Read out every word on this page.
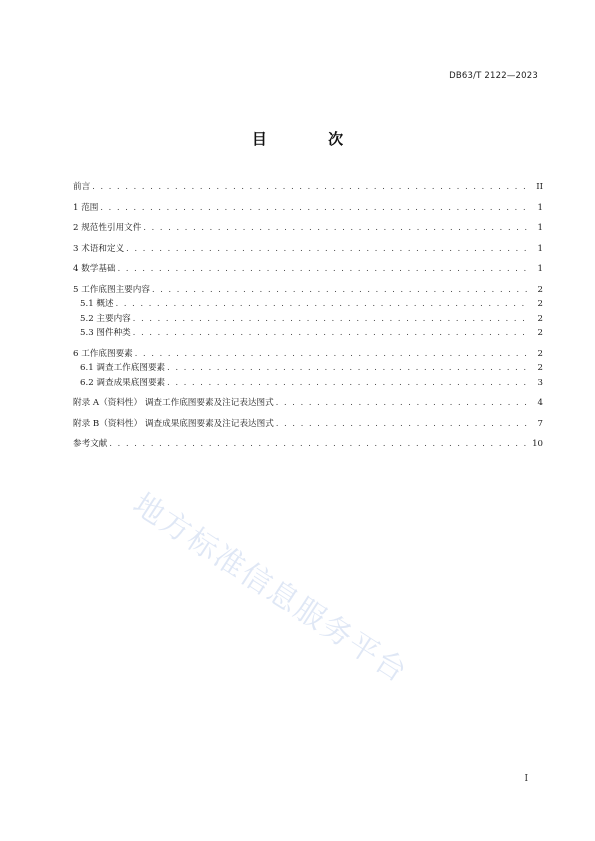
DB63/T 2122—2023
目 次
前言 . . .	II
1 范围 . . .	1
2 规范性引用文件 . . .	1
3 术语和定义 . . .	1
4 数学基础 . . .	1
5 工作底图主要内容 . . .	2
5.1 概述 . . .	2
5.2 主要内容 . . .	2
5.3 图件种类 . . .	2
6 工作底图要素 . . .	2
6.1 调查工作底图要素 . . .	2
6.2 调查成果底图要素 . . .	3
附录 A（资料性） 调查工作底图要素及注记表达图式 . . .	4
附录 B（资料性） 调查成果底图要素及注记表达图式 . . .	7
参考文献 . . .	10
地方标准信息服务平台
I
